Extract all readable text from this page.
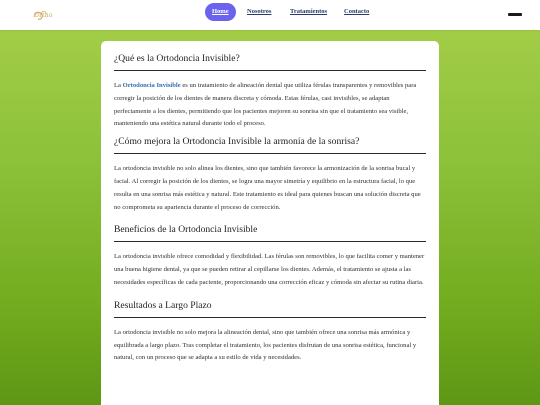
Ortho
Home	Nosotros	Tratamientos	Contacto
¿Qué es la Ortodoncia Invisible?

La Ortodoncia Invisible es un tratamiento de alineación dental que utiliza férulas transparentes y removibles para corregir la posición de los dientes de manera discreta y cómoda. Estas férulas, casi invisibles, se adaptan perfectamente a los dientes, permitiendo que los pacientes mejoren su sonrisa sin que el tratamiento sea visible, manteniendo una estética natural durante todo el proceso.

¿Cómo mejora la Ortodoncia Invisible la armonía de la sonrisa?

La ortodoncia invisible no solo alinea los dientes, sino que también favorece la armonización de la sonrisa bucal y facial. Al corregir la posición de los dientes, se logra una mayor simetría y equilibrio en la estructura facial, lo que resulta en una sonrisa más estética y natural. Este tratamiento es ideal para quienes buscan una solución discreta que no comprometa su apariencia durante el proceso de corrección.

Beneficios de la Ortodoncia Invisible

La ortodoncia invisible ofrece comodidad y flexibilidad. Las férulas son removibles, lo que facilita comer y mantener una buena higiene dental, ya que se pueden retirar al cepillarse los dientes. Además, el tratamiento se ajusta a las necesidades específicas de cada paciente, proporcionando una corrección eficaz y cómoda sin afectar su rutina diaria.

Resultados a Largo Plazo

La ortodoncia invisible no solo mejora la alineación dental, sino que también ofrece una sonrisa más armónica y equilibrada a largo plazo. Tras completar el tratamiento, los pacientes disfrutan de una sonrisa estética, funcional y natural, con un proceso que se adapta a su estilo de vida y necesidades.
